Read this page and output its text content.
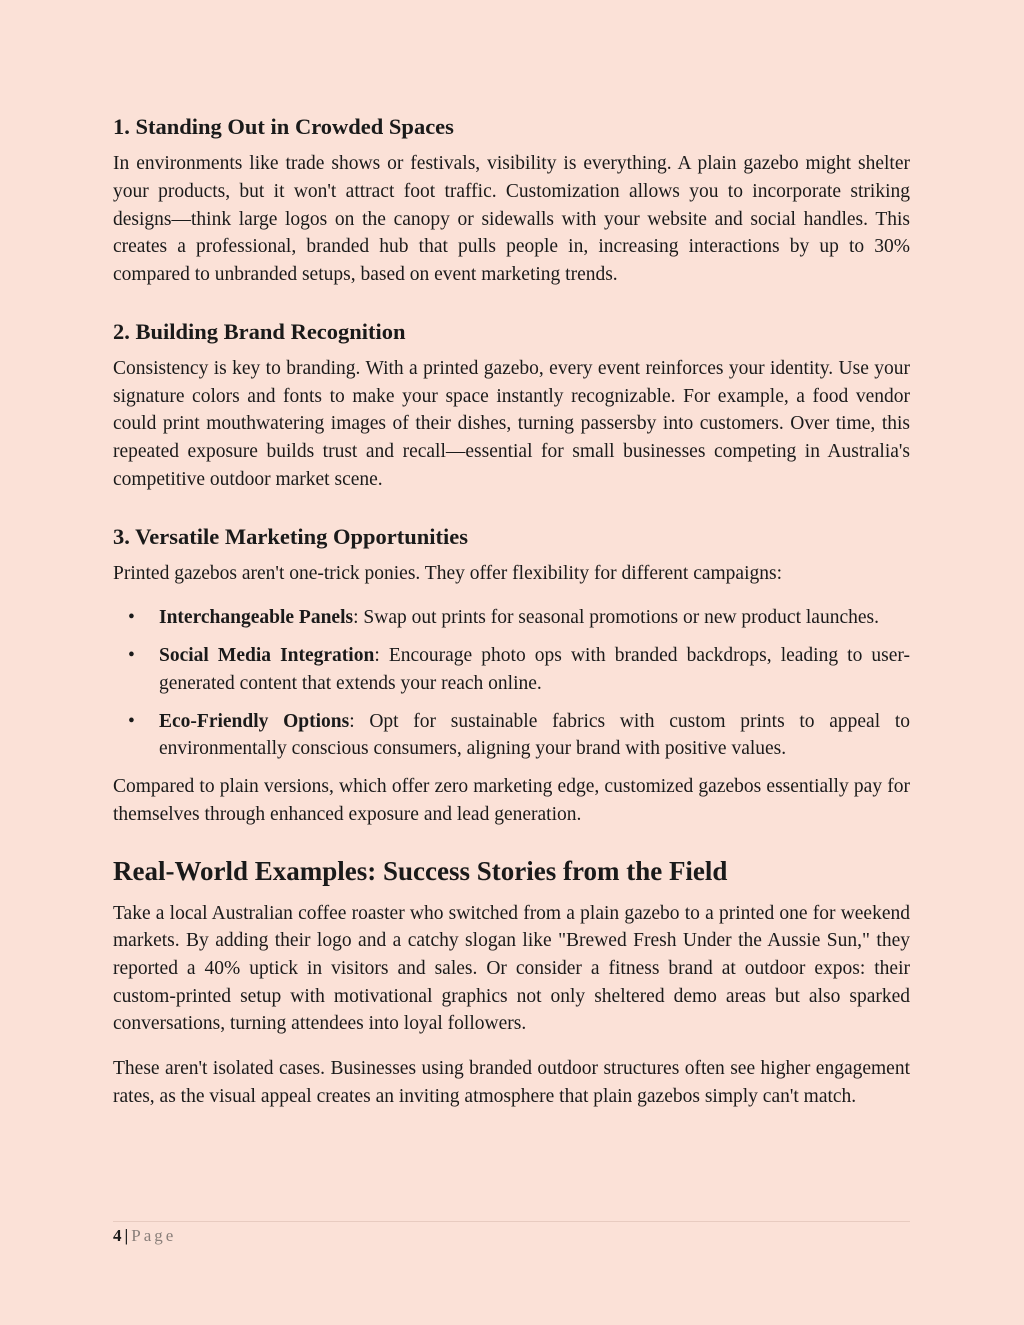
1. Standing Out in Crowded Spaces

In environments like trade shows or festivals, visibility is everything. A plain gazebo might shelter your products, but it won't attract foot traffic. Customization allows you to incorporate striking designs—think large logos on the canopy or sidewalls with your website and social handles. This creates a professional, branded hub that pulls people in, increasing interactions by up to 30% compared to unbranded setups, based on event marketing trends.

2. Building Brand Recognition

Consistency is key to branding. With a printed gazebo, every event reinforces your identity. Use your signature colors and fonts to make your space instantly recognizable. For example, a food vendor could print mouthwatering images of their dishes, turning passersby into customers. Over time, this repeated exposure builds trust and recall—essential for small businesses competing in Australia's competitive outdoor market scene.

3. Versatile Marketing Opportunities

Printed gazebos aren't one-trick ponies. They offer flexibility for different campaigns:

• Interchangeable Panels: Swap out prints for seasonal promotions or new product launches.
• Social Media Integration: Encourage photo ops with branded backdrops, leading to user-generated content that extends your reach online.
• Eco-Friendly Options: Opt for sustainable fabrics with custom prints to appeal to environmentally conscious consumers, aligning your brand with positive values.

Compared to plain versions, which offer zero marketing edge, customized gazebos essentially pay for themselves through enhanced exposure and lead generation.

Real-World Examples: Success Stories from the Field

Take a local Australian coffee roaster who switched from a plain gazebo to a printed one for weekend markets. By adding their logo and a catchy slogan like "Brewed Fresh Under the Aussie Sun," they reported a 40% uptick in visitors and sales. Or consider a fitness brand at outdoor expos: their custom-printed setup with motivational graphics not only sheltered demo areas but also sparked conversations, turning attendees into loyal followers.

These aren't isolated cases. Businesses using branded outdoor structures often see higher engagement rates, as the visual appeal creates an inviting atmosphere that plain gazebos simply can't match.

4 | Page
